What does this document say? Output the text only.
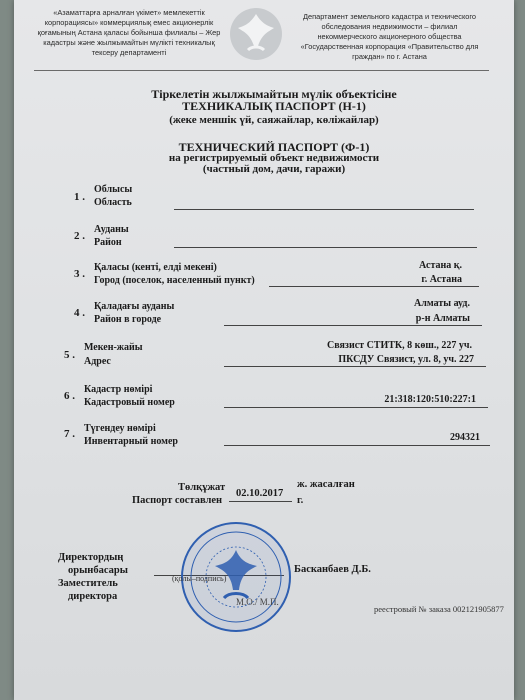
«Азаматтарға арналған үкімет» мемлекеттік
корпорациясы» коммерциялық емес акционерлік
қоғамының Астана қаласы бойынша филиалы – Жер
кадастры және жылжымайтын мүлікті техникалық
тексеру департаменті
Департамент земельного кадастра и технического
обследования недвижимости – филиал
некоммерческого акционерного общества
«Государственная корпорация «Правительство для
граждан» по г. Астана
Тіркелетін жылжымайтын мүлік объектісіне
ТЕХНИКАЛЫҚ ПАСПОРТ (Н-1)
(жеке меншік үй, саяжайлар, көліжайлар)
ТЕХНИЧЕСКИЙ ПАСПОРТ (Ф-1)
на регистрируемый объект недвижимости
(частный дом, дачи, гаражи)
1 .
Облысы
Область
2 .
Ауданы
Район
3 .
Қаласы (кенті, елді мекені)
Город (поселок, населенный пункт)
Астана қ.
г. Астана
4 .
Қаладағы ауданы
Район в городе
Алматы ауд.
р-н Алматы
5 .
Мекен-жайы
Адрес
Связист СТИТК, 8 көш., 227 уч.
ПКСДУ Связист, ул. 8, уч. 227
6 .
Кадастр нөмірі
Кадастровый номер	21:318:120:510:227:1
7 . Түгендеу нөмірі
Инвентарный номер	294321
Төлқұжат
Паспорт составлен
02.10.2017
ж. жасалған
г.
Директордың
орынбасары
Заместитель
директора
Басканбаев Д.Б.
(қолы–подпись)
М.О./ М.П.
реестровый № заказа 002121905877
